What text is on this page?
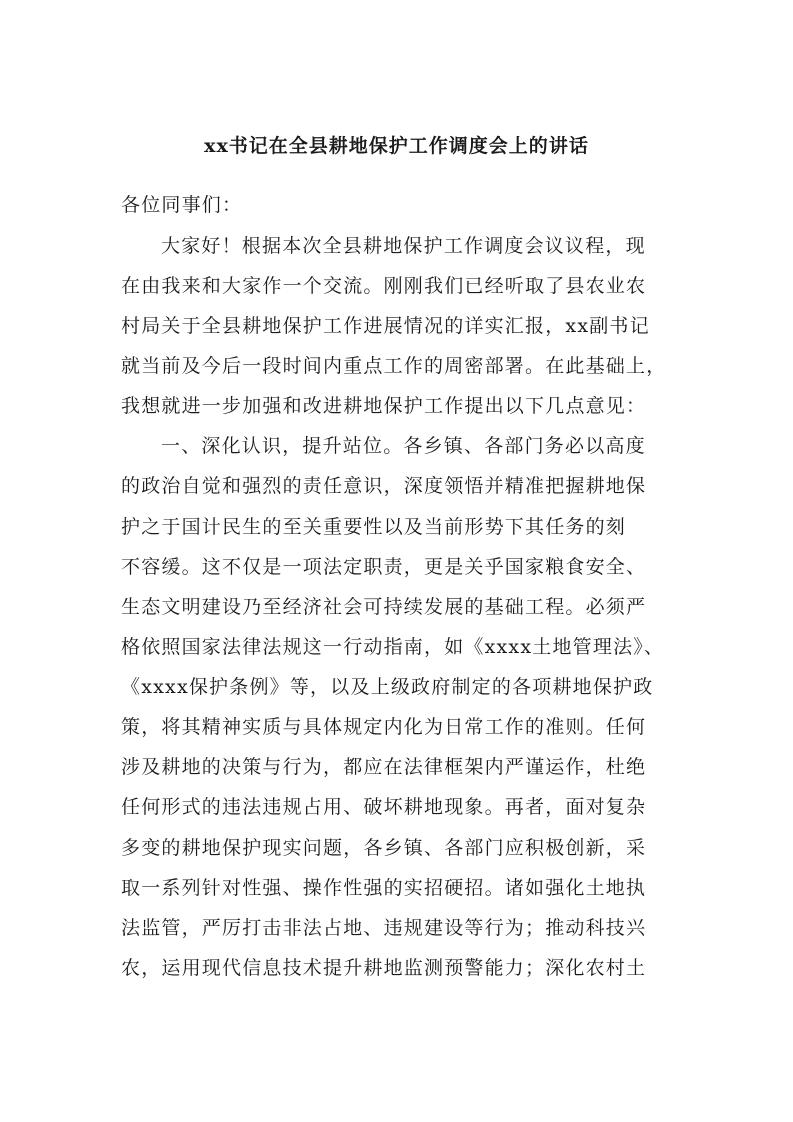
xx书记在全县耕地保护工作调度会上的讲话
各位同事们：
大家好！根据本次全县耕地保护工作调度会议议程，现
在由我来和大家作一个交流。刚刚我们已经听取了县农业农
村局关于全县耕地保护工作进展情况的详实汇报，xx副书记
就当前及今后一段时间内重点工作的周密部署。在此基础上，
我想就进一步加强和改进耕地保护工作提出以下几点意见：
一、深化认识，提升站位。各乡镇、各部门务必以高度
的政治自觉和强烈的责任意识，深度领悟并精准把握耕地保
护之于国计民生的至关重要性以及当前形势下其任务的刻
不容缓。这不仅是一项法定职责，更是关乎国家粮食安全、
生态文明建设乃至经济社会可持续发展的基础工程。必须严
格依照国家法律法规这一行动指南，如《xxxx土地管理法》、
《xxxx保护条例》等，以及上级政府制定的各项耕地保护政
策，将其精神实质与具体规定内化为日常工作的准则。任何
涉及耕地的决策与行为，都应在法律框架内严谨运作，杜绝
任何形式的违法违规占用、破坏耕地现象。再者，面对复杂
多变的耕地保护现实问题，各乡镇、各部门应积极创新，采
取一系列针对性强、操作性强的实招硬招。诸如强化土地执
法监管，严厉打击非法占地、违规建设等行为；推动科技兴
农，运用现代信息技术提升耕地监测预警能力；深化农村土
